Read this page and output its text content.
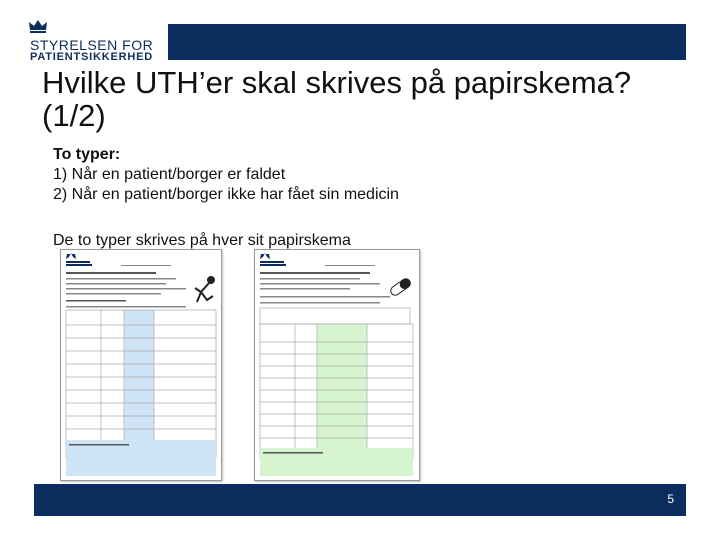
STYRELSEN FOR
PATIENTSIKKERHED
Hvilke UTH’er skal skrives på papirskema? (1/2)
To typer:
1) Når en patient/borger er faldet
2) Når en patient/borger ikke har fået sin medicin
De to typer skrives på hver sit papirskema
5
